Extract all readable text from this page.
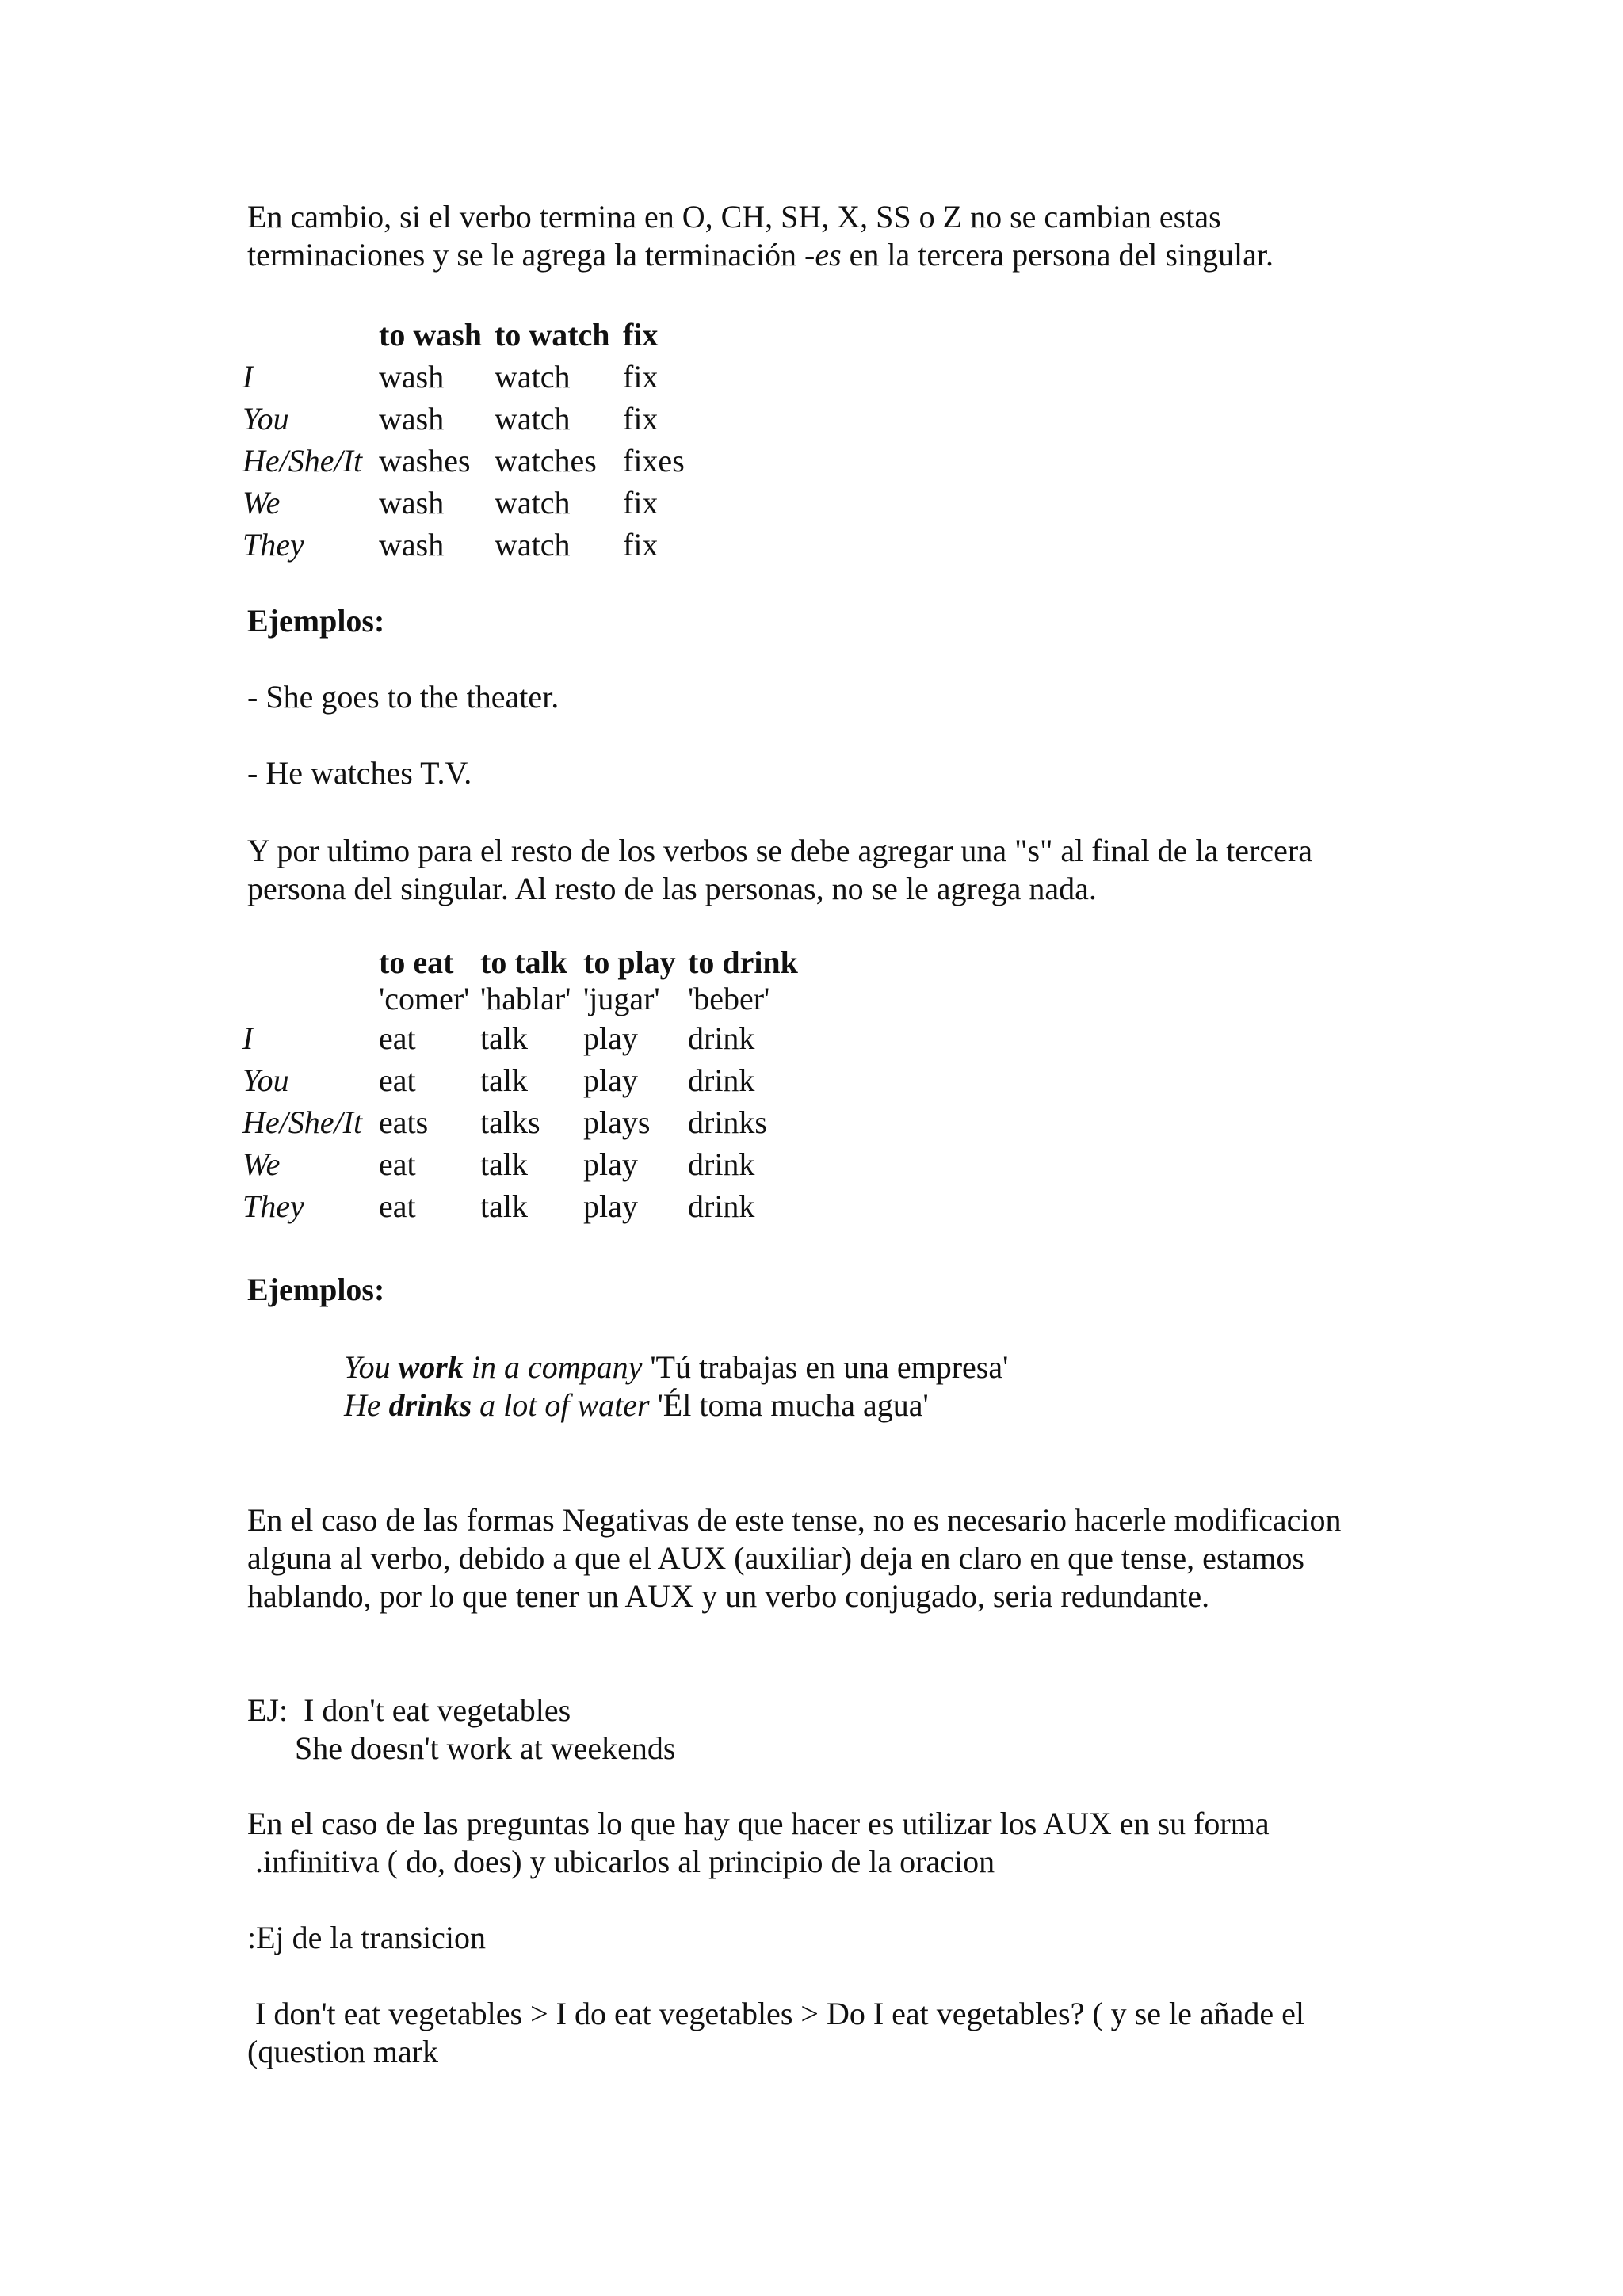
En cambio, si el verbo termina en O, CH, SH, X, SS o Z no se cambian estas
terminaciones y se le agrega la terminación -es en la tercera persona del singular.

	to wash	to watch	fix
I	wash	watch	fix
You	wash	watch	fix
He/She/It	washes	watches	fixes
We	wash	watch	fix
They	wash	watch	fix

Ejemplos:

- She goes to the theater.

- He watches T.V.

Y por ultimo para el resto de los verbos se debe agregar una "s" al final de la tercera
persona del singular. Al resto de las personas, no se le agrega nada.

	to eat	to talk	to play	to drink
	'comer'	'hablar'	'jugar'	'beber'
I	eat	talk	play	drink
You	eat	talk	play	drink
He/She/It	eats	talks	plays	drinks
We	eat	talk	play	drink
They	eat	talk	play	drink

Ejemplos:

You work in a company 'Tú trabajas en una empresa'
He drinks a lot of water 'Él toma mucha agua'

En el caso de las formas Negativas de este tense, no es necesario hacerle modificacion
alguna al verbo, debido a que el AUX (auxiliar) deja en claro en que tense, estamos
hablando, por lo que tener un AUX y un verbo conjugado, seria redundante.

EJ:  I don't eat vegetables
She doesn't work at weekends

En el caso de las preguntas lo que hay que hacer es utilizar los AUX en su forma
.infinitiva ( do, does) y ubicarlos al principio de la oracion

:Ej de la transicion

I don't eat vegetables > I do eat vegetables > Do I eat vegetables? ( y se le añade el
(question mark
